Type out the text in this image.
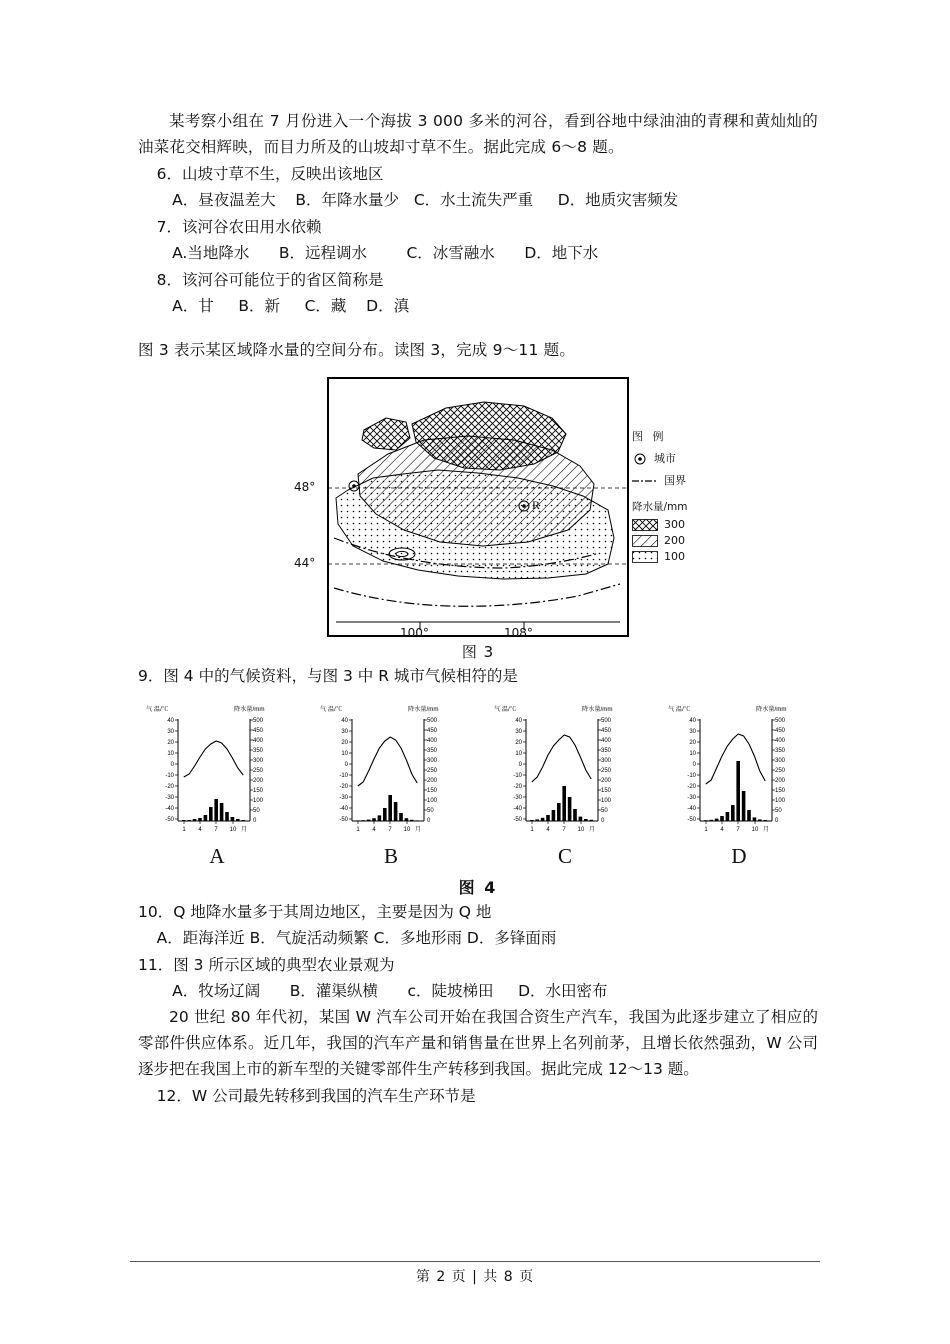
某考察小组在 7 月份进入一个海拔 3 000 多米的河谷，看到谷地中绿油油的青稞和黄灿灿的油菜花交相辉映，而目力所及的山坡却寸草不生。据此完成 6～8 题。

6．山坡寸草不生，反映出该地区
A．昼夜温差大    B．年降水量少   C．水土流失严重     D．地质灾害频发
7．该河谷农田用水依赖
A.当地降水      B．远程调水        C．冰雪融水      D．地下水
8．该河谷可能位于的省区简称是
A．甘     B．新     C．藏    D．滇

图 3 表示某区域降水量的空间分布。读图 3，完成 9～11 题。

R
48°
44°
100°	108°
图 例
城市
国界
降水量/mm
300
200
100
图 3
9．图 4 中的气候资料，与图 3 中 R 城市气候相符的是
气 温/℃	降水量/mm
40
30
20
10
0
-10
-20
-30
-40
-50
500
450
400
350
300
250
200
150
100
50
0
1 4 7 10 月
A
气 温/℃	降水量/mm
40
30
20
10
0
-10
-20
-30
-40
-50
500
450
400
350
300
250
200
150
100
50
0
1 4 7 10 月
B
气 温/℃	降水量/mm
40
30
20
10
0
-10
-20
-30
-40
-50
500
450
400
350
300
250
200
150
100
50
0
1 4 7 10 月
C
气 温/℃	降水量/mm
40
30
20
10
0
-10
-20
-30
-40
-50
500
450
400
350
300
250
200
150
100
50
0
1 4 7 10 月
D
图 4
10．Q 地降水量多于其周边地区，主要是因为 Q 地
A．距海洋近 B．气旋活动频繁 C．多地形雨 D．多锋面雨
11．图 3 所示区域的典型农业景观为
A．牧场辽阔      B．灌渠纵横      c．陡坡梯田     D．水田密布

20 世纪 80 年代初，某国 W 汽车公司开始在我国合资生产汽车，我国为此逐步建立了相应的零部件供应体系。近几年，我国的汽车产量和销售量在世界上名列前茅，且增长依然强劲，W 公司逐步把在我国上市的新车型的关键零部件生产转移到我国。据此完成 12～13 题。

12．W 公司最先转移到我国的汽车生产环节是
第 2 页 | 共 8 页
